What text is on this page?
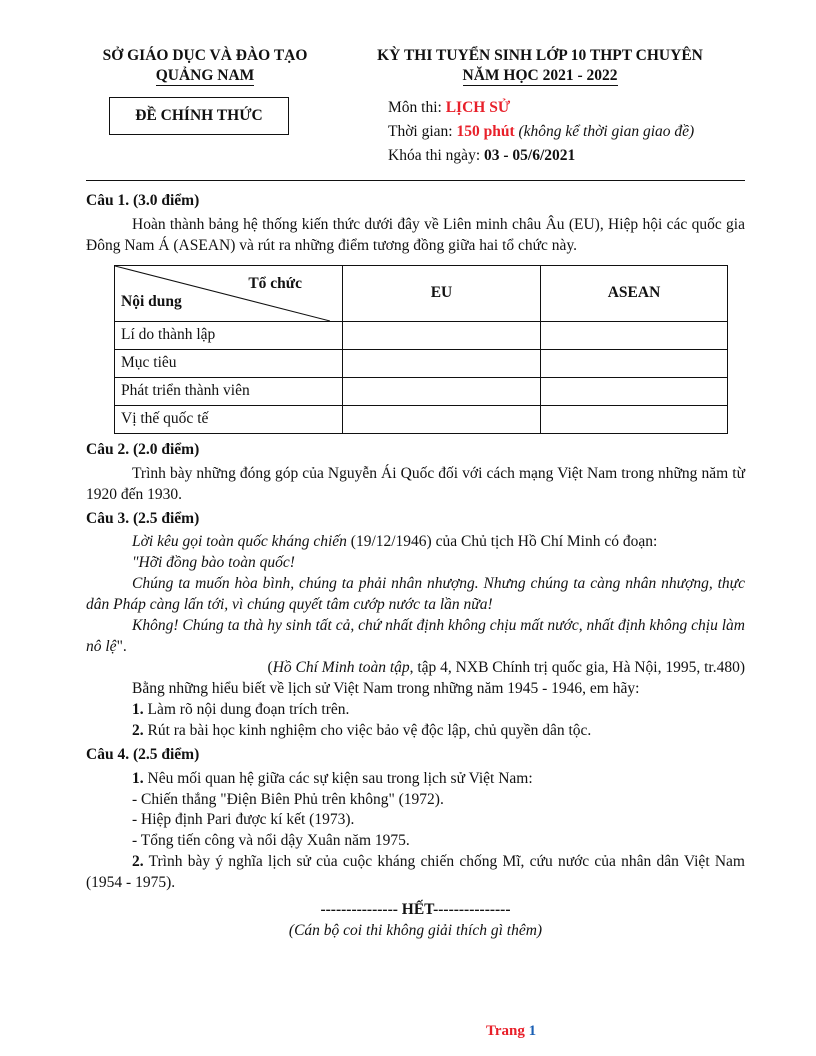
SỞ GIÁO DỤC VÀ ĐÀO TẠO
QUẢNG NAM
KỲ THI TUYỂN SINH LỚP 10 THPT CHUYÊN
NĂM HỌC 2021 - 2022
ĐỀ CHÍNH THỨC	Môn thi: LỊCH SỬ
Thời gian: 150 phút (không kể thời gian giao đề)
Khóa thi ngày: 03 - 05/6/2021

Câu 1. (3.0 điểm)

Hoàn thành bảng hệ thống kiến thức dưới đây về Liên minh châu Âu (EU), Hiệp hội các quốc gia Đông Nam Á (ASEAN) và rút ra những điểm tương đồng giữa hai tổ chức này.

Tổ chức
Nội dung	EU	ASEAN
Lí do thành lập		
Mục tiêu		
Phát triển thành viên		
Vị thế quốc tế		

Câu 2. (2.0 điểm)

Trình bày những đóng góp của Nguyễn Ái Quốc đối với cách mạng Việt Nam trong những năm từ 1920 đến 1930.

Câu 3. (2.5 điểm)

Lời kêu gọi toàn quốc kháng chiến (19/12/1946) của Chủ tịch Hồ Chí Minh có đoạn:

"Hỡi đồng bào toàn quốc!

Chúng ta muốn hòa bình, chúng ta phải nhân nhượng. Nhưng chúng ta càng nhân nhượng, thực dân Pháp càng lấn tới, vì chúng quyết tâm cướp nước ta lần nữa!

Không! Chúng ta thà hy sinh tất cả, chứ nhất định không chịu mất nước, nhất định không chịu làm nô lệ".

(Hồ Chí Minh toàn tập, tập 4, NXB Chính trị quốc gia, Hà Nội, 1995, tr.480)

Bằng những hiểu biết về lịch sử Việt Nam trong những năm 1945 - 1946, em hãy:

1. Làm rõ nội dung đoạn trích trên.

2. Rút ra bài học kinh nghiệm cho việc bảo vệ độc lập, chủ quyền dân tộc.

Câu 4. (2.5 điểm)

1. Nêu mối quan hệ giữa các sự kiện sau trong lịch sử Việt Nam:

- Chiến thắng "Điện Biên Phủ trên không" (1972).

- Hiệp định Pari được kí kết (1973).

- Tổng tiến công và nổi dậy Xuân năm 1975.

2. Trình bày ý nghĩa lịch sử của cuộc kháng chiến chống Mĩ, cứu nước của nhân dân Việt Nam (1954 - 1975).

--------------- HẾT---------------

(Cán bộ coi thi không giải thích gì thêm)

Trang 1
